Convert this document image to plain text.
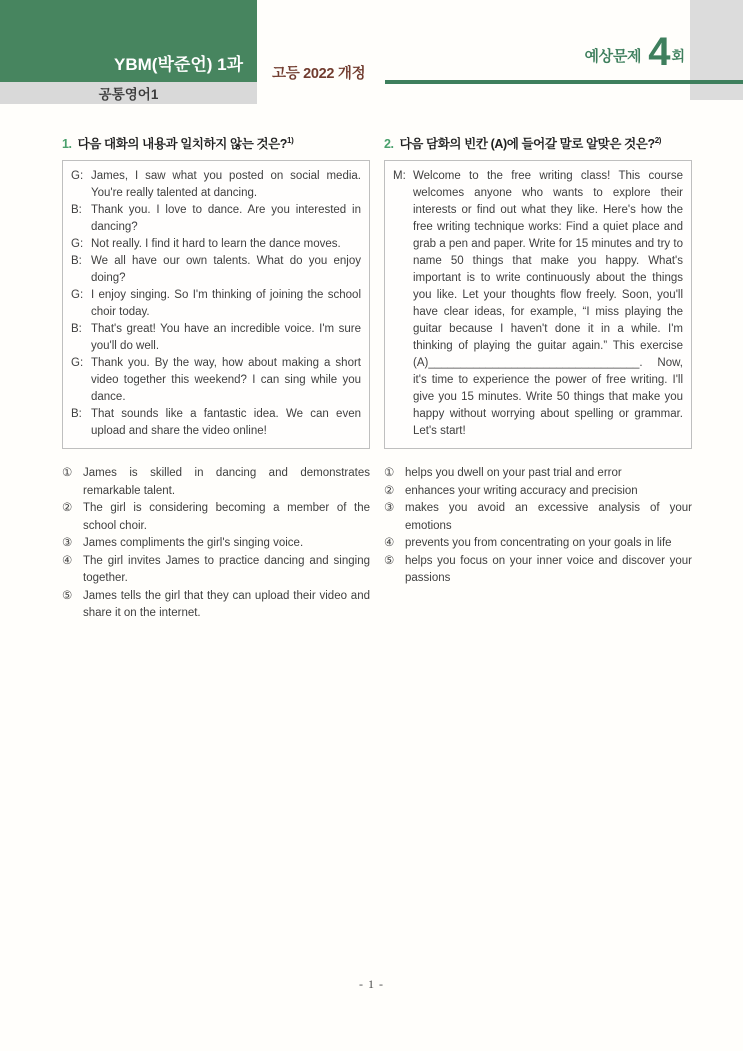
YBM(박준언) 1과
공통영어1
고등 2022 개정
예상문제 4 회
1. 다음 대화의 내용과 일치하지 않는 것은?$^{1)}$
G: James, I saw what you posted on social media. You're really talented at dancing.
B: Thank you. I love to dance. Are you interested in dancing?
G: Not really. I find it hard to learn the dance moves.
B: We all have our own talents. What do you enjoy doing?
G: I enjoy singing. So I'm thinking of joining the school choir today.
B: That's great! You have an incredible voice. I'm sure you'll do well.
G: Thank you. By the way, how about making a short video together this weekend? I can sing while you dance.
B: That sounds like a fantastic idea. We can even upload and share the video online!
① James is skilled in dancing and demonstrates remarkable talent.
② The girl is considering becoming a member of the school choir.
③ James compliments the girl's singing voice.
④ The girl invites James to practice dancing and singing together.
⑤ James tells the girl that they can upload their video and share it on the internet.
2. 다음 담화의 빈칸 (A)에 들어갈 말로 알맞은 것은?$^{2)}$
M: Welcome to the free writing class! This course welcomes anyone who wants to explore their interests or find out what they like. Here's how the free writing technique works: Find a quiet place and grab a pen and paper. Write for 15 minutes and try to name 50 things that make you happy. What's important is to write continuously about the things you like. Let your thoughts flow freely. Soon, you'll have clear ideas, for example, “I miss playing the guitar because I haven't done it in a while. I'm thinking of playing the guitar again.” This exercise (A)_________________________________. Now, it's time to experience the power of free writing. I'll give you 15 minutes. Write 50 things that make you happy without worrying about spelling or grammar. Let's start!
① helps you dwell on your past trial and error
② enhances your writing accuracy and precision
③ makes you avoid an excessive analysis of your emotions
④ prevents you from concentrating on your goals in life
⑤ helps you focus on your inner voice and discover your passions
- 1 -
